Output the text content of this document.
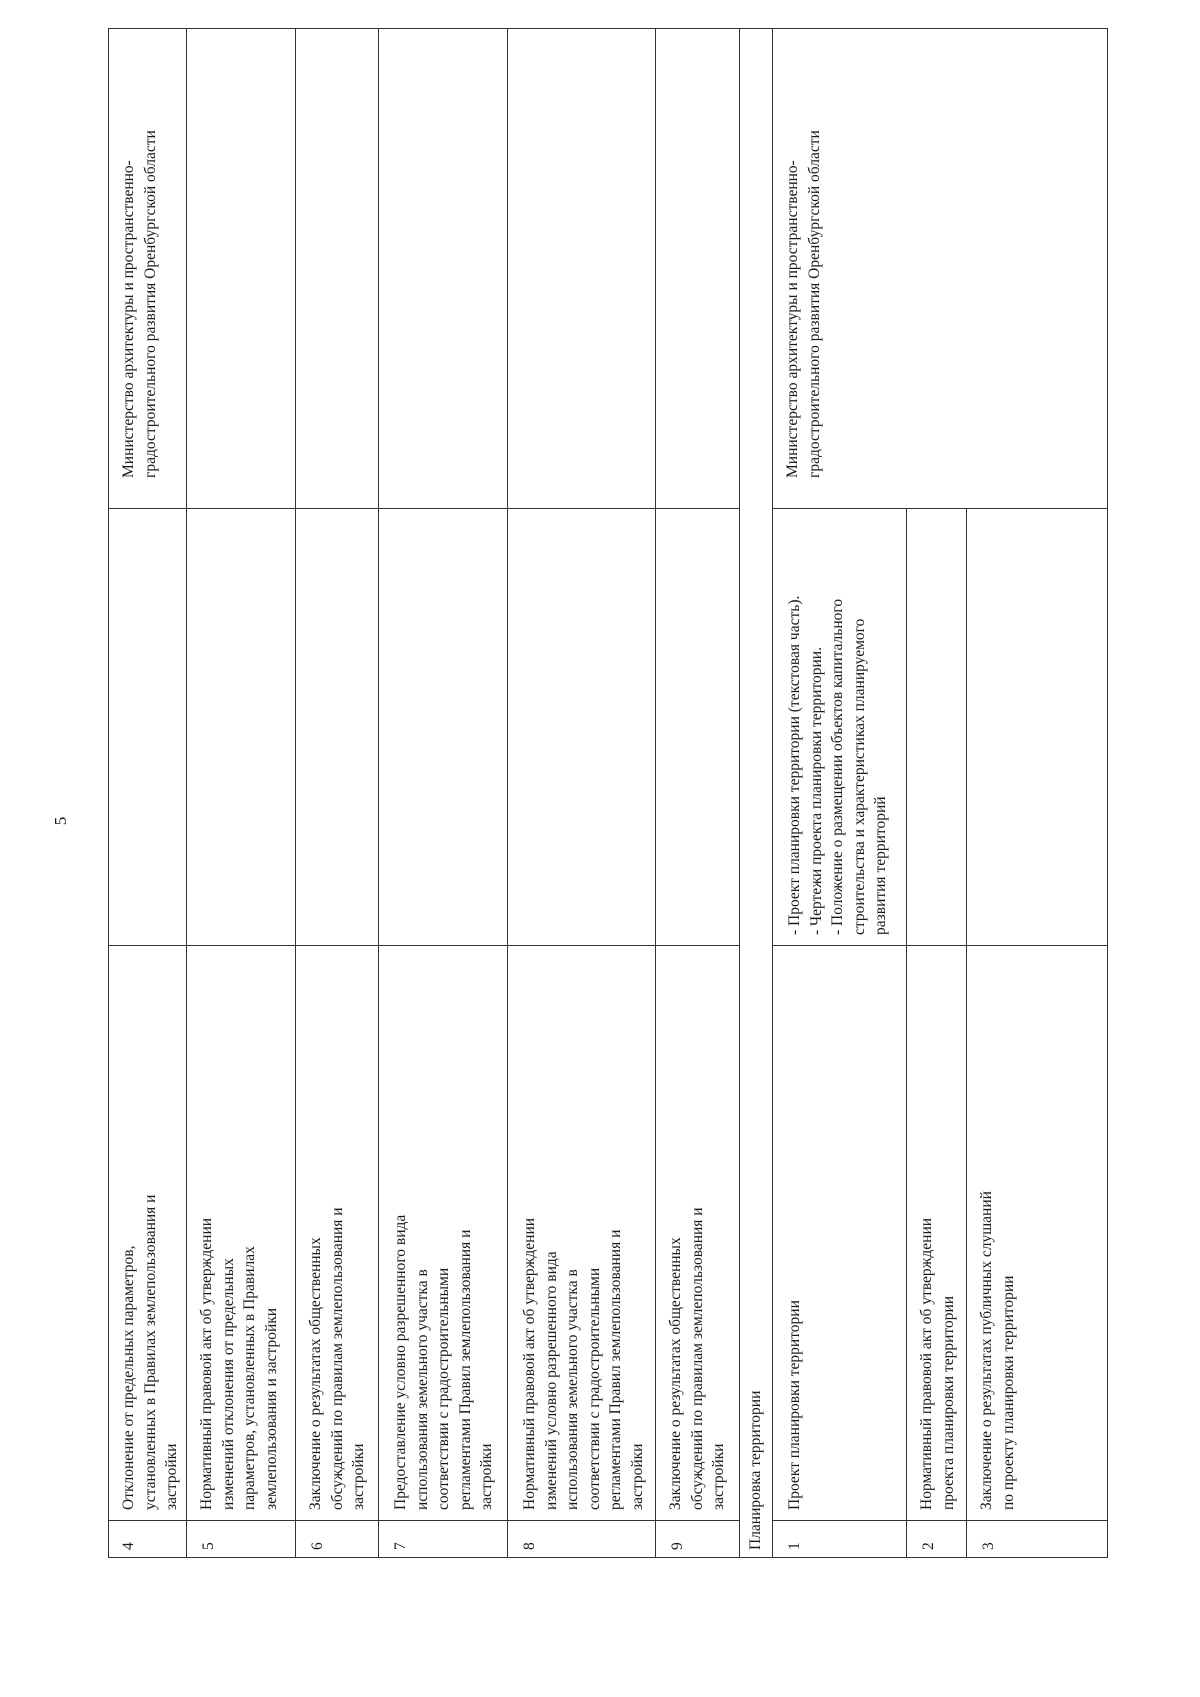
5
4
Отклонение от предельных параметров,
установленных в Правилах землепользования и
застройки
5
Нормативный правовой акт об утверждении
изменений отклонения от предельных
параметров, установленных в Правилах
землепользования и застройки
6
Заключение о результатах общественных
обсуждений по правилам землепользования и
застройки
7
Предоставление условно разрешенного вида
использования земельного участка в
соответствии с градостроительными
регламентами Правил землепользования и
застройки
8
Нормативный правовой акт об утверждении
изменений условно разрешенного вида
использования земельного участка в
соответствии с градостроительными
регламентами Правил землепользования и
застройки
9
Заключение о результатах общественных
обсуждений по правилам землепользования и
застройки
Министерство архитектуры и пространственно-
градостроительного развития Оренбургской области
Планировка территории 1
Проект планировки территории
- Проект планировки территории (текстовая часть).
- Чертежи проекта планировки территории.
- Положение о размещении объектов капитального
строительства и характеристиках планируемого
развития территорий
2
Нормативный правовой акт об утверждении
проекта планировки территории
3
Заключение о результатах публичных слушаний
по проекту планировки территории
Министерство архитектуры и пространственно-
градостроительного развития Оренбургской области
